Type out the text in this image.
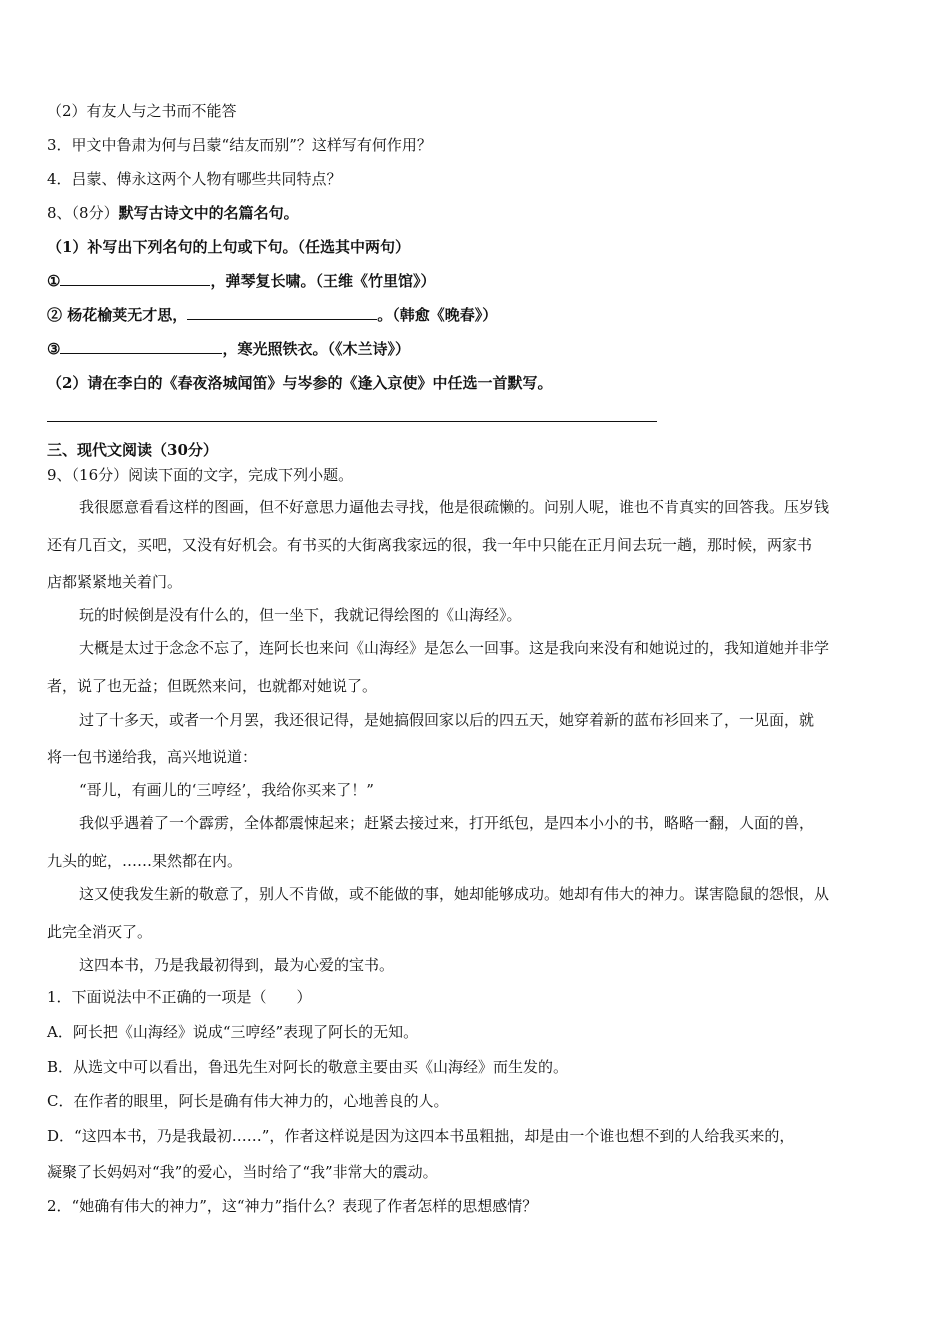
（2）有友人与之书而不能答
3．甲文中鲁肃为何与吕蒙“结友而别”？这样写有何作用？
4．吕蒙、傅永这两个人物有哪些共同特点？
8、（8分）默写古诗文中的名篇名句。
（1）补写出下列名句的上句或下句。（任选其中两句）
①	，弹琴复长啸。（王维《竹里馆》）
② 杨花榆荚无才思，	。（韩愈《晚春》）
③	，寒光照铁衣。（《木兰诗》）
（2）请在李白的《春夜洛城闻笛》与岑参的《逢入京使》中任选一首默写。
三、现代文阅读（30分）
9、（16分）阅读下面的文字，完成下列小题。
我很愿意看看这样的图画，但不好意思力逼他去寻找，他是很疏懒的。问别人呢，谁也不肯真实的回答我。压岁钱
还有几百文，买吧，又没有好机会。有书买的大街离我家远的很，我一年中只能在正月间去玩一趟，那时候，两家书
店都紧紧地关着门。
玩的时候倒是没有什么的，但一坐下，我就记得绘图的《山海经》。
大概是太过于念念不忘了，连阿长也来问《山海经》是怎么一回事。这是我向来没有和她说过的，我知道她并非学
者，说了也无益；但既然来问，也就都对她说了。
过了十多天，或者一个月罢，我还很记得，是她搞假回家以后的四五天，她穿着新的蓝布衫回来了，一见面，就
将一包书递给我，高兴地说道：
“哥儿，有画儿的‘三哼经’，我给你买来了！”
我似乎遇着了一个霹雳，全体都震悚起来；赶紧去接过来，打开纸包，是四本小小的书，略略一翻，人面的兽，
九头的蛇，……果然都在内。
这又使我发生新的敬意了，别人不肯做，或不能做的事，她却能够成功。她却有伟大的神力。谋害隐鼠的怨恨，从
此完全消灭了。
这四本书，乃是我最初得到，最为心爱的宝书。
1．下面说法中不正确的一项是（　　）
A．阿长把《山海经》说成“三哼经”表现了阿长的无知。
B．从选文中可以看出，鲁迅先生对阿长的敬意主要由买《山海经》而生发的。
C．在作者的眼里，阿长是确有伟大神力的，心地善良的人。
D．“这四本书，乃是我最初……”，作者这样说是因为这四本书虽粗拙，却是由一个谁也想不到的人给我买来的，
凝聚了长妈妈对“我”的爱心，当时给了“我”非常大的震动。
2．“她确有伟大的神力”，这“神力”指什么？表现了作者怎样的思想感情？
